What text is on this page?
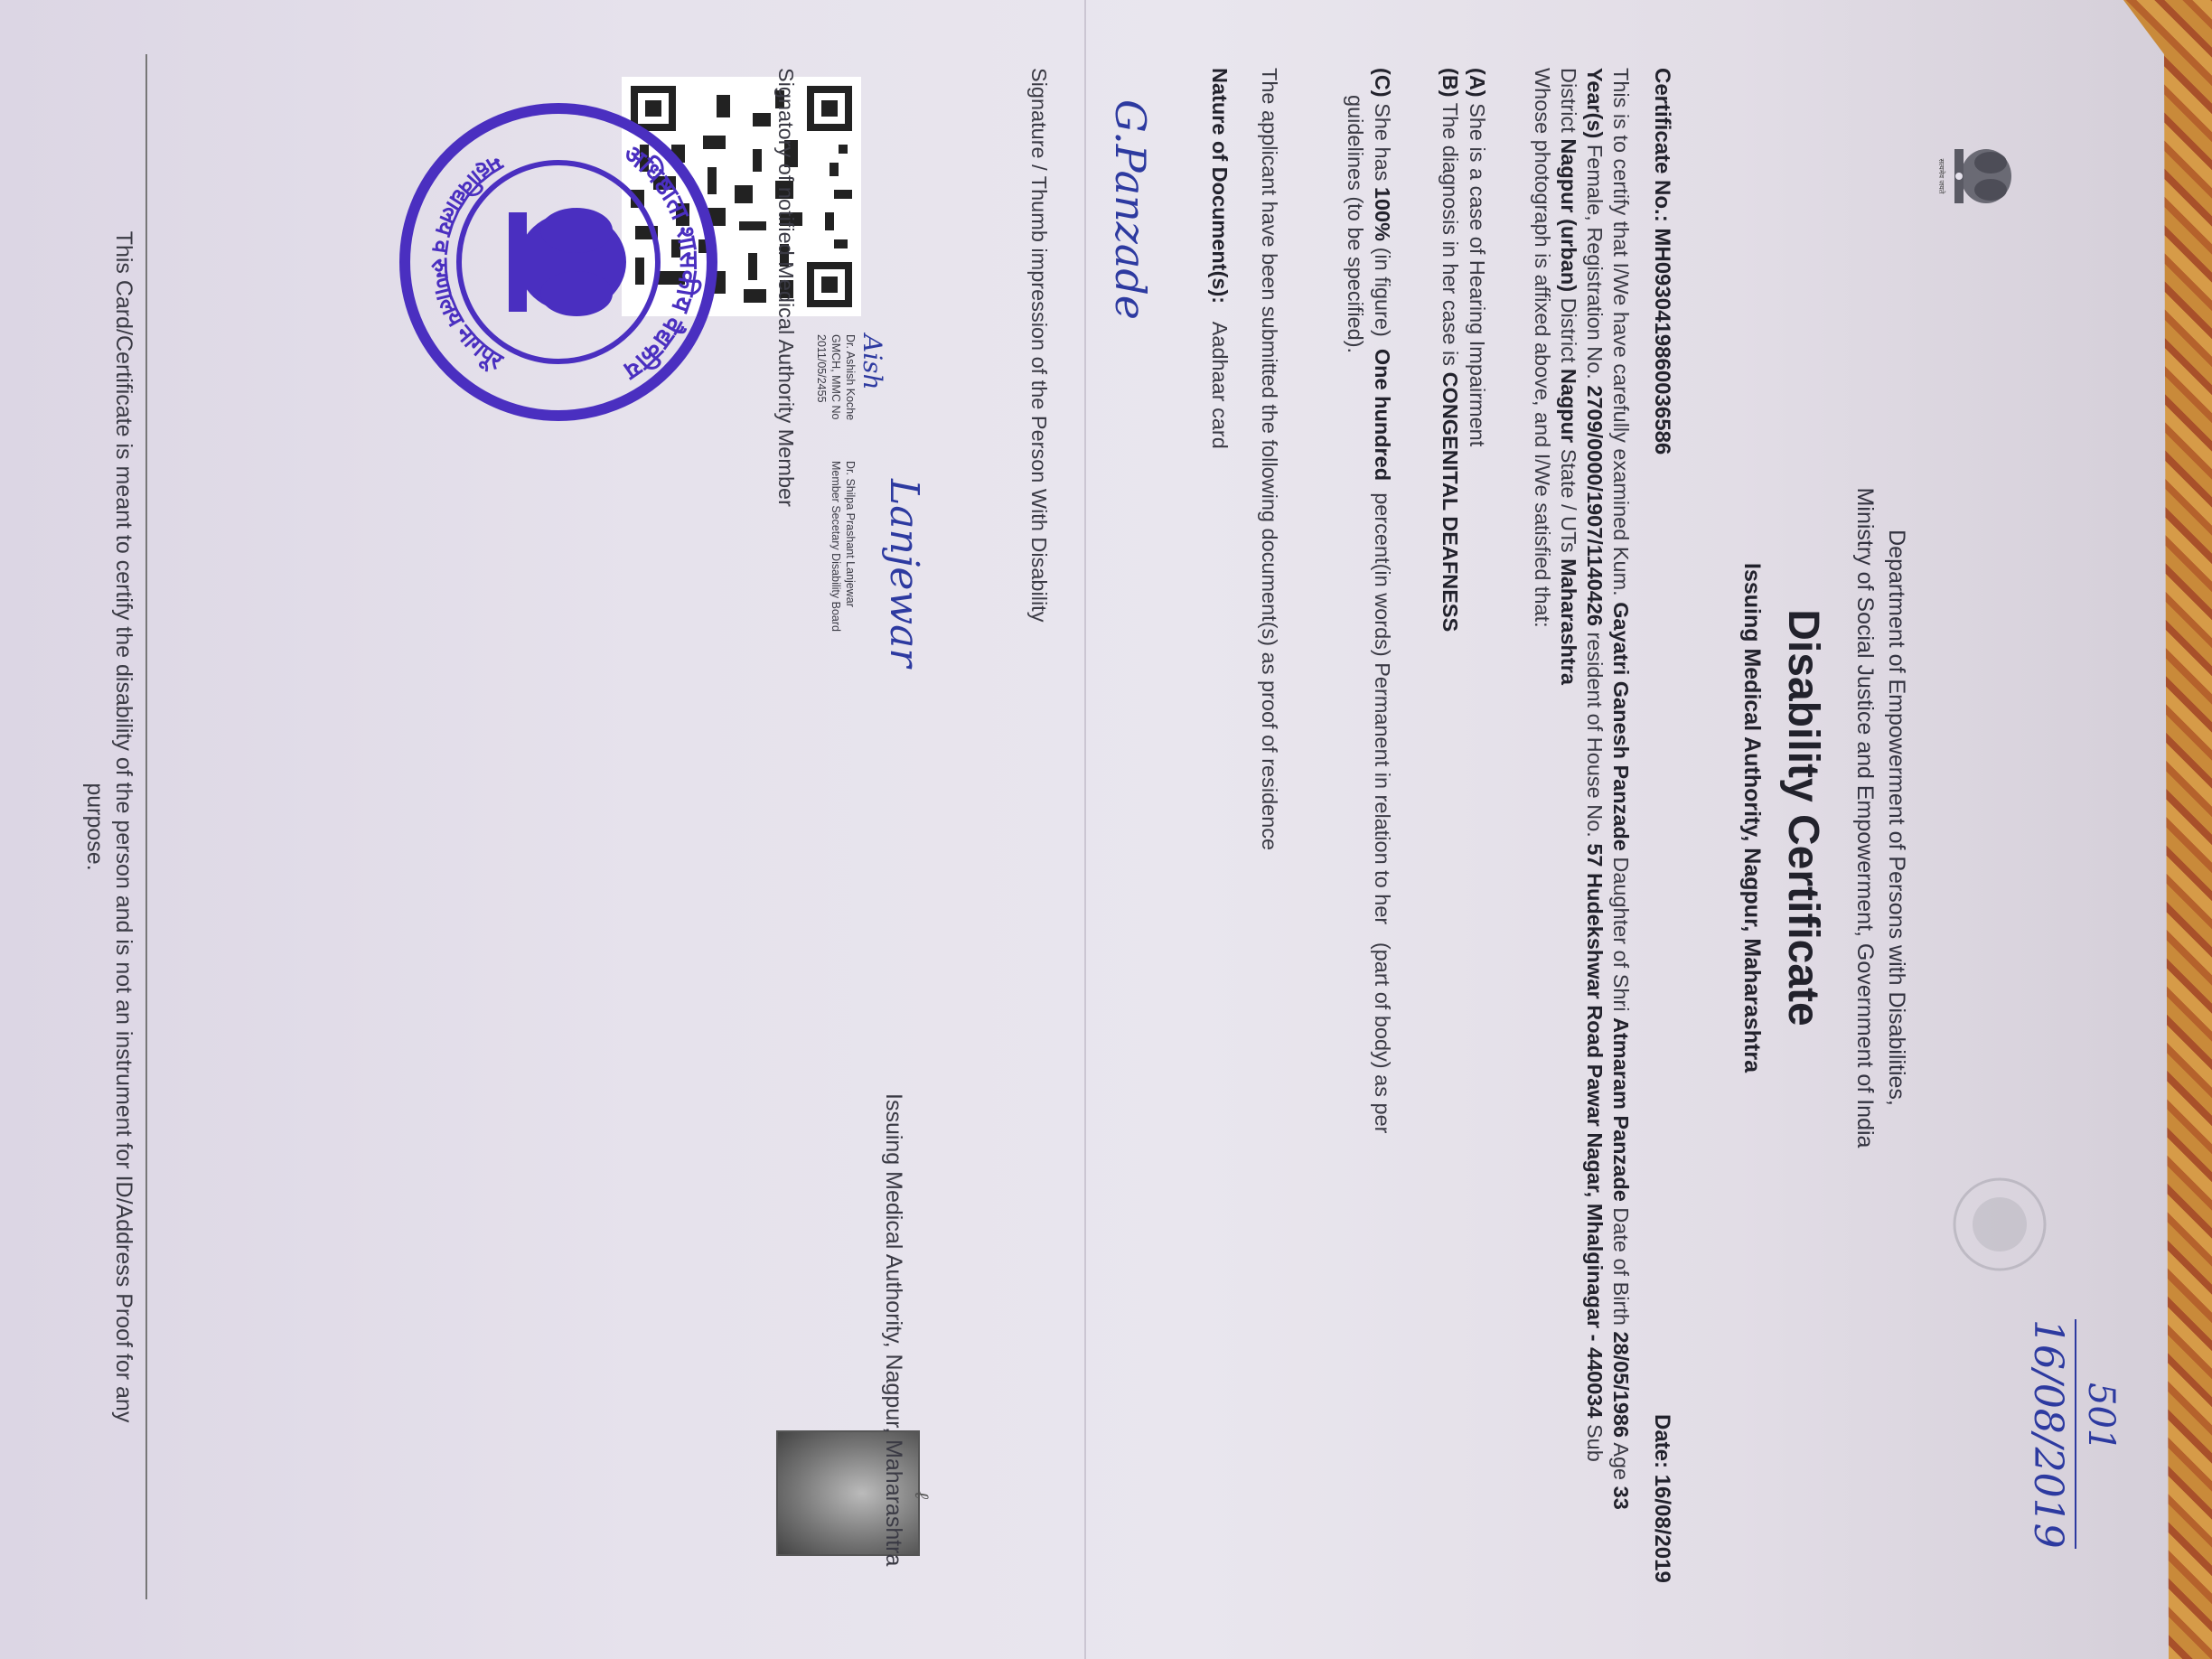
सत्यमेव जयते
Department of Empowerment of Persons with Disabilities,
Ministry of Social Justice and Empowerment, Government of India
Disability Certificate
Issuing Medical Authority, Nagpur, Maharashtra
501
16/08/2019
Certificate No.: MH0930419860036586
Date: 16/08/2019
This is to certify that I/We have carefully examined Kum. Gayatri Ganesh Panzade Daughter of Shri Atmaram Panzade Date of Birth 28/05/1986 Age 33 Year(s) Female, Registration No. 2709/0000/1907/1140426 resident of House No. 57 Hudekshwar Road Pawar Nagar, Mhalginagar - 440034 Sub District Nagpur (urban) District Nagpur State / UTs Maharashtra
Whose photograph is affixed above, and I/We satisfied that:
(A) She is a case of Hearing Impairment
(B) The diagnosis in her case is CONGENITAL DEAFNESS
(C) She has 100% (in figure)  One hundred  percent(in words) Permanent in relation to her   (part of body) as per
guidelines (to be specified).
The applicant have been submitted the following document(s) as proof of residence
Nature of Document(s):   Aadhaar card
G.Panzade
Signature / Thumb impression of the Person With Disability
अधिष्ठाता शासकीय वैद्यकीय
महाविद्यालय व रुग्णालय नागपूर	Dr. Ashish Koche
GMCH, MMC No
2011/05/2455 Aish
Dr. Shilpa Prashant Lanjewar
Member Secetary Disability Board Lanjewar
Signatory of notified Medical Authority Member
Issuing Medical Authority, Nagpur, Maharashtra ℓ
This Card/Certificate is meant to certify the disability of the person and is not an instrument for ID/Address Proof for any
purpose.
